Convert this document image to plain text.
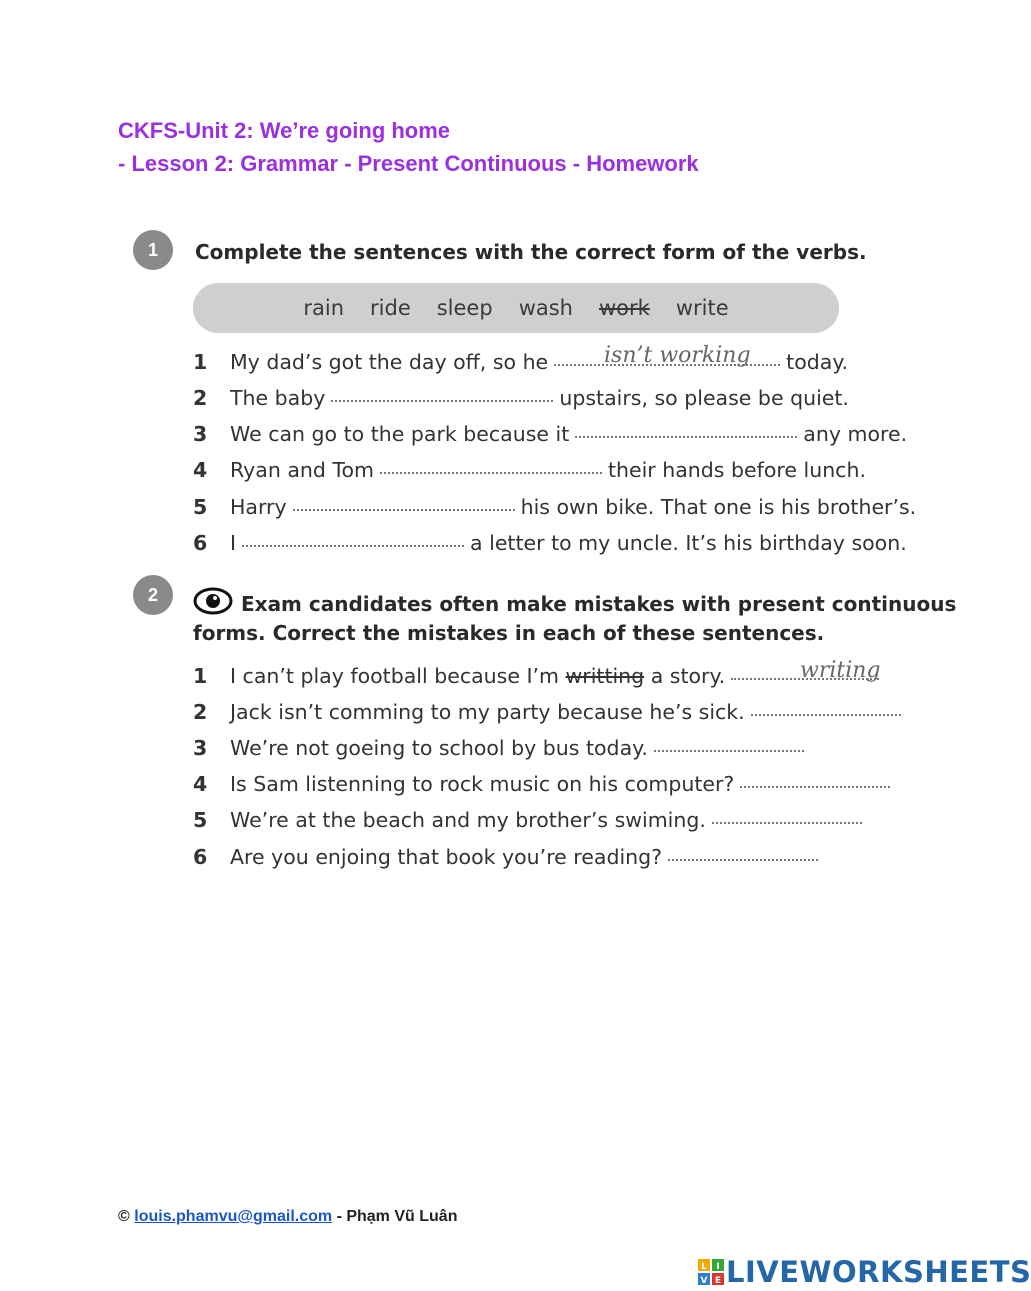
CKFS-Unit 2: We’re going home
- Lesson 2: Grammar - Present Continuous - Homework
1	Complete the sentences with the correct form of the verbs.
rain ride sleep wash work write
1	My dad’s got the day off, so he	today.
isn’t working
2	The baby	upstairs, so please be quiet.
3	We can go to the park because it	any more.
4	Ryan and Tom	their hands before lunch.
5	Harry	his own bike. That one is his brother’s.
6	I	a letter to my uncle. It’s his birthday soon.
2	Exam candidates often make mistakes with present continuous
forms. Correct the mistakes in each of these sentences.
1	I can’t play football because I’m writting a story.	writing
2	Jack isn’t comming to my party because he’s sick.
3	We’re not goeing to school by bus today.
4	Is Sam listenning to rock music on his computer?
5	We’re at the beach and my brother’s swiming.
6	Are you enjoing that book you’re reading?
© louis.phamvu@gmail.com - Phạm Vũ Luân
L I
V E LIVEWORKSHEETS
